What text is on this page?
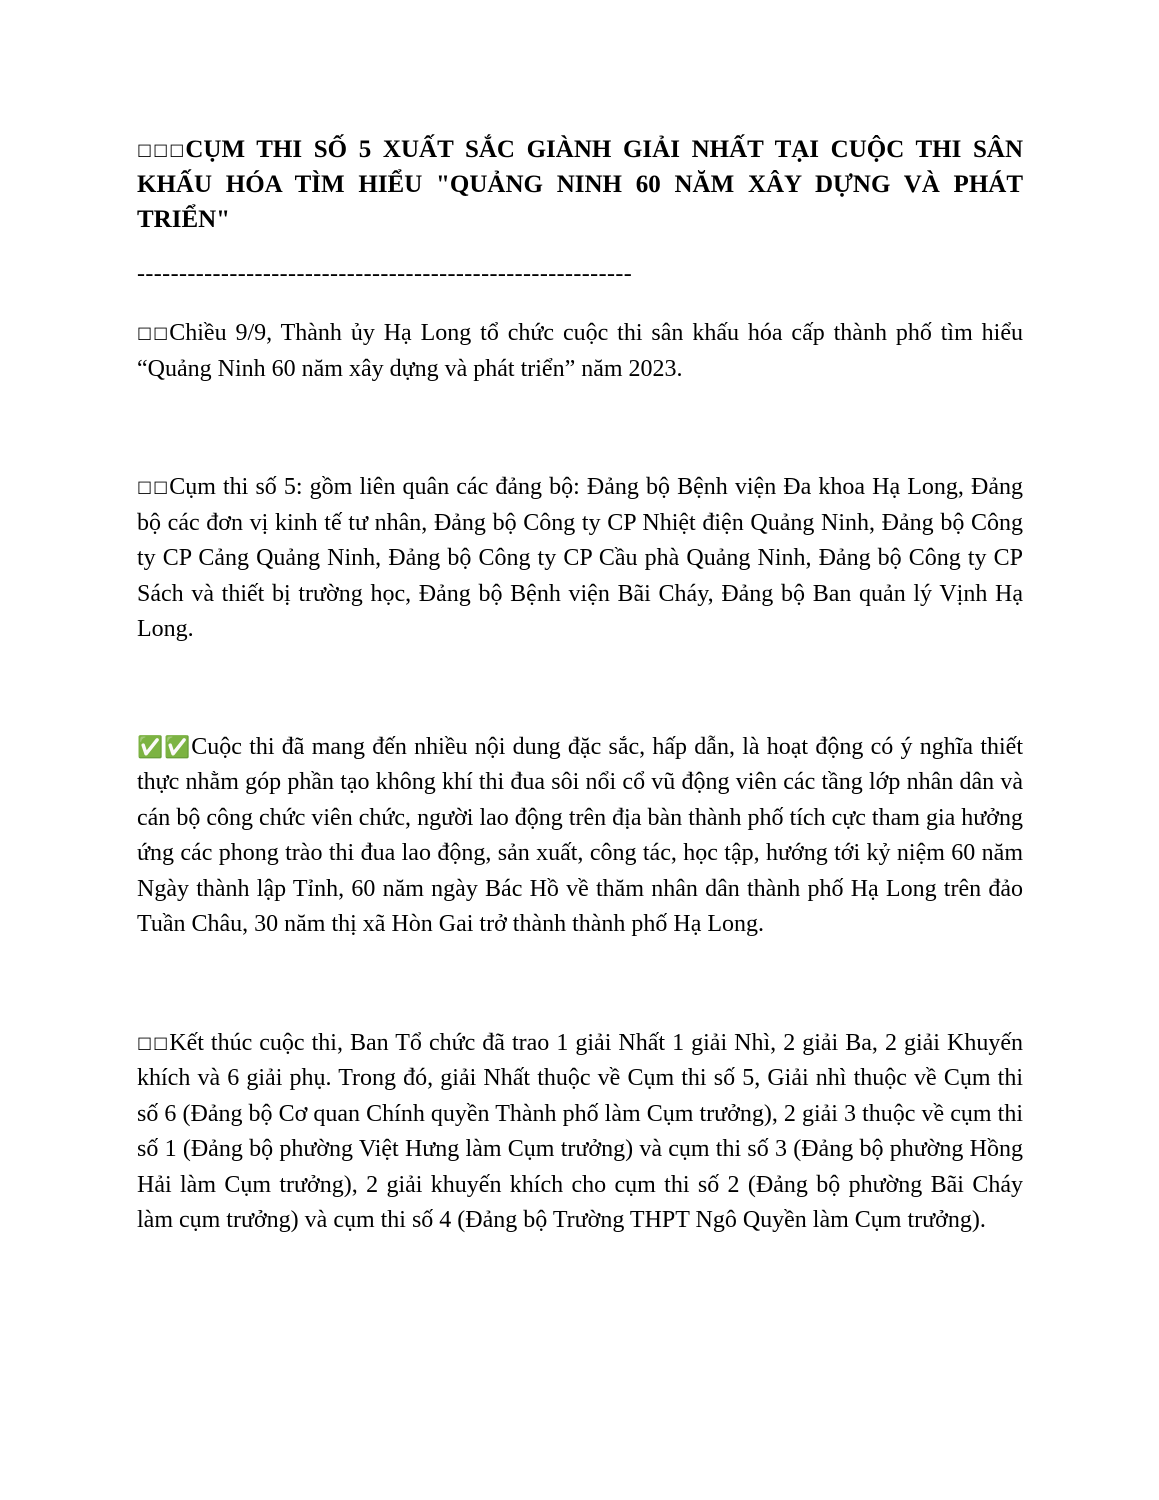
□□□CỤM THI SỐ 5 XUẤT SẮC GIÀNH GIẢI NHẤT TẠI CUỘC THI SÂN KHẤU HÓA TÌM HIỂU "QUẢNG NINH 60 NĂM XÂY DỰNG VÀ PHÁT TRIỂN"
-----------------------------------------------------------

□□Chiều 9/9, Thành ủy Hạ Long tổ chức cuộc thi sân khấu hóa cấp thành phố tìm hiểu “Quảng Ninh 60 năm xây dựng và phát triển” năm 2023.

□□Cụm thi số 5: gồm liên quân các đảng bộ: Đảng bộ Bệnh viện Đa khoa Hạ Long, Đảng bộ các đơn vị kinh tế tư nhân, Đảng bộ Công ty CP Nhiệt điện Quảng Ninh, Đảng bộ Công ty CP Cảng Quảng Ninh, Đảng bộ Công ty CP Cầu phà Quảng Ninh, Đảng bộ Công ty CP Sách và thiết bị trường học, Đảng bộ Bệnh viện Bãi Cháy, Đảng bộ Ban quản lý Vịnh Hạ Long.

✅✅Cuộc thi đã mang đến nhiều nội dung đặc sắc, hấp dẫn, là hoạt động có ý nghĩa thiết thực nhằm góp phần tạo không khí thi đua sôi nổi cổ vũ động viên các tầng lớp nhân dân và cán bộ công chức viên chức, người lao động trên địa bàn thành phố tích cực tham gia hưởng ứng các phong trào thi đua lao động, sản xuất, công tác, học tập, hướng tới kỷ niệm 60 năm Ngày thành lập Tỉnh, 60 năm ngày Bác Hồ về thăm nhân dân thành phố Hạ Long trên đảo Tuần Châu, 30 năm thị xã Hòn Gai trở thành thành phố Hạ Long.

□□Kết thúc cuộc thi, Ban Tổ chức đã trao 1 giải Nhất 1 giải Nhì, 2 giải Ba, 2 giải Khuyến khích và 6 giải phụ. Trong đó, giải Nhất thuộc về Cụm thi số 5, Giải nhì thuộc về Cụm thi số 6 (Đảng bộ Cơ quan Chính quyền Thành phố làm Cụm trưởng), 2 giải 3 thuộc về cụm thi số 1 (Đảng bộ phường Việt Hưng làm Cụm trưởng) và cụm thi số 3 (Đảng bộ phường Hồng Hải làm Cụm trưởng), 2 giải khuyến khích cho cụm thi số 2 (Đảng bộ phường Bãi Cháy làm cụm trưởng) và cụm thi số 4 (Đảng bộ Trường THPT Ngô Quyền làm Cụm trưởng).
